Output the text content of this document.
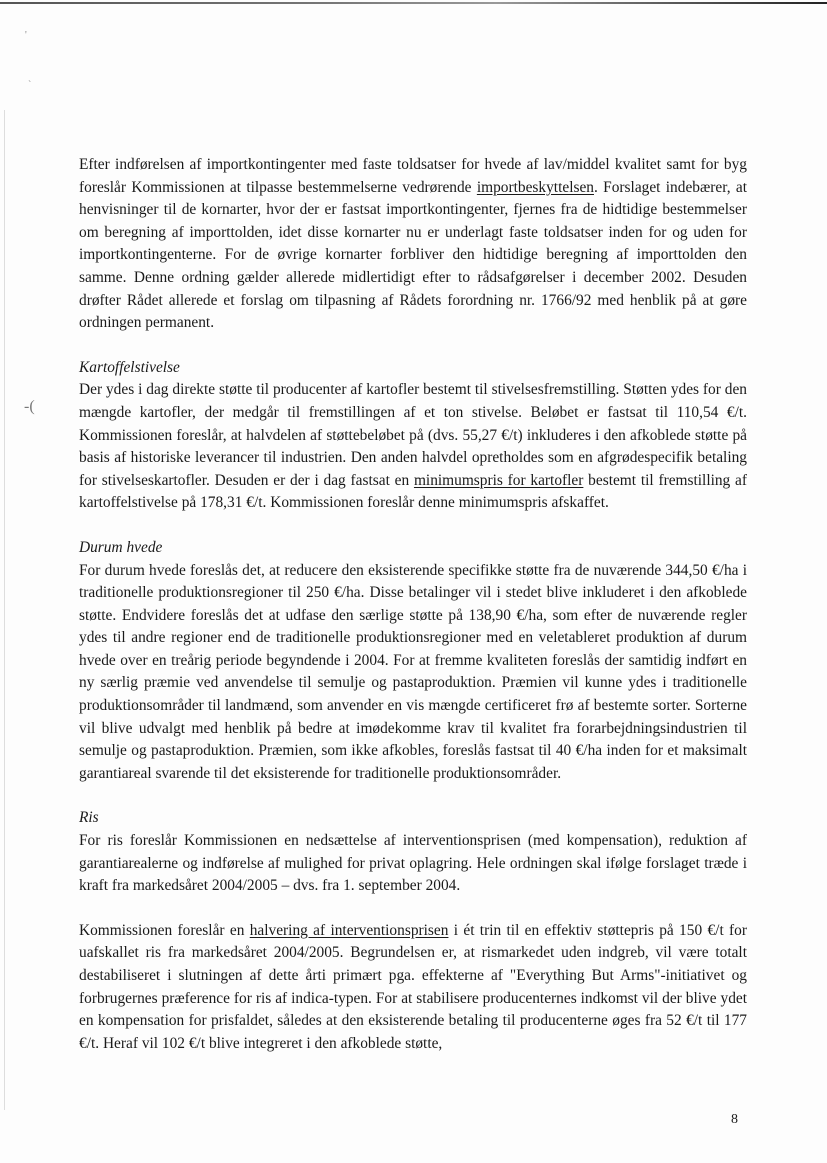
'
`
-(

Efter indførelsen af importkontingenter med faste toldsatser for hvede af lav/middel kvalitet samt for byg foreslår Kommissionen at tilpasse bestemmelserne vedrørende importbeskyttelsen. Forslaget indebærer, at henvisninger til de kornarter, hvor der er fastsat importkontingenter, fjernes fra de hidtidige bestemmelser om beregning af importtolden, idet disse kornarter nu er underlagt faste toldsatser inden for og uden for importkontingenterne. For de øvrige kornarter forbliver den hidtidige beregning af importtolden den samme. Denne ordning gælder allerede midlertidigt efter to rådsafgørelser i december 2002. Desuden drøfter Rådet allerede et forslag om tilpasning af Rådets forordning nr. 1766/92 med henblik på at gøre ordningen permanent.

Kartoffelstivelse

Der ydes i dag direkte støtte til producenter af kartofler bestemt til stivelsesfremstilling. Støtten ydes for den mængde kartofler, der medgår til fremstillingen af et ton stivelse. Beløbet er fastsat til 110,54 €/t. Kommissionen foreslår, at halvdelen af støttebeløbet på (dvs. 55,27 €/t) inkluderes i den afkoblede støtte på basis af historiske leverancer til industrien. Den anden halvdel opretholdes som en afgrødespecifik betaling for stivelseskartofler. Desuden er der i dag fastsat en minimumspris for kartofler bestemt til fremstilling af kartoffelstivelse på 178,31 €/t. Kommissionen foreslår denne minimumspris afskaffet.

Durum hvede

For durum hvede foreslås det, at reducere den eksisterende specifikke støtte fra de nuværende 344,50 €/ha i traditionelle produktionsregioner til 250 €/ha. Disse betalinger vil i stedet blive inkluderet i den afkoblede støtte. Endvidere foreslås det at udfase den særlige støtte på 138,90 €/ha, som efter de nuværende regler ydes til andre regioner end de traditionelle produktionsregioner med en veletableret produktion af durum hvede over en treårig periode begyndende i 2004. For at fremme kvaliteten foreslås der samtidig indført en ny særlig præmie ved anvendelse til semulje og pastaproduktion. Præmien vil kunne ydes i traditionelle produktionsområder til landmænd, som anvender en vis mængde certificeret frø af bestemte sorter. Sorterne vil blive udvalgt med henblik på bedre at imødekomme krav til kvalitet fra forarbejdningsindustrien til semulje og pastaproduktion. Præmien, som ikke afkobles, foreslås fastsat til 40 €/ha inden for et maksimalt garantiareal svarende til det eksisterende for traditionelle produktionsområder.

Ris

For ris foreslår Kommissionen en nedsættelse af interventionsprisen (med kompensation), reduktion af garantiarealerne og indførelse af mulighed for privat oplagring. Hele ordningen skal ifølge forslaget træde i kraft fra markedsåret 2004/2005 – dvs. fra 1. september 2004.

Kommissionen foreslår en halvering af interventionsprisen i ét trin til en effektiv støttepris på 150 €/t for uafskallet ris fra markedsåret 2004/2005. Begrundelsen er, at rismarkedet uden indgreb, vil være totalt destabiliseret i slutningen af dette årti primært pga. effekterne af "Everything But Arms"-initiativet og forbrugernes præference for ris af indica-typen. For at stabilisere producenternes indkomst vil der blive ydet en kompensation for prisfaldet, således at den eksisterende betaling til producenterne øges fra 52 €/t til 177 €/t. Heraf vil 102 €/t blive integreret i den afkoblede støtte,

8
